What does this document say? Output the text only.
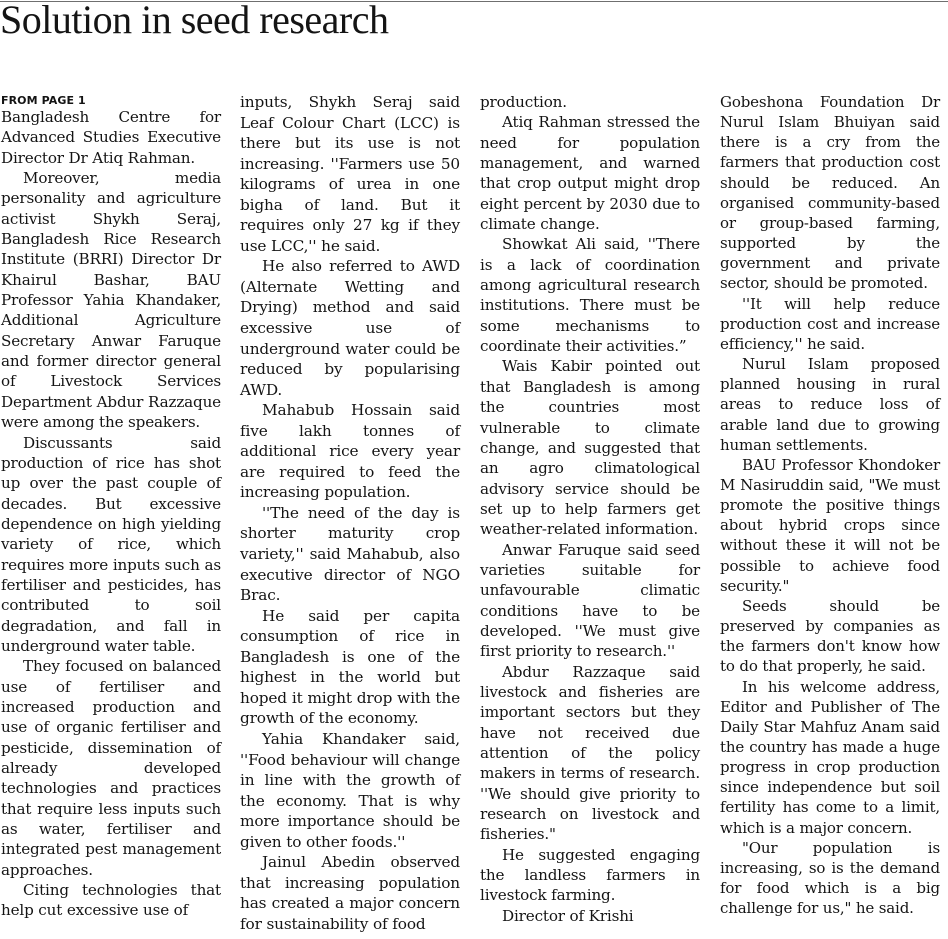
Solution in seed research
FROM PAGE 1

Bangladesh Centre for Advanced Studies Executive Director Dr Atiq Rahman.

Moreover, media personality and agriculture activist Shykh Seraj, Bangladesh Rice Research Institute (BRRI) Director Dr Khairul Bashar, BAU Professor Yahia Khandaker, Additional Agriculture Secretary Anwar Faruque and former director general of Livestock Services Department Abdur Razzaque were among the speakers.

Discussants said production of rice has shot up over the past couple of decades. But excessive dependence on high yielding variety of rice, which requires more inputs such as fertiliser and pesticides, has contributed to soil degradation, and fall in underground water table.

They focused on balanced use of fertiliser and increased production and use of organic fertiliser and pesticide, dissemination of already developed technologies and practices that require less inputs such as water, fertiliser and integrated pest management approaches.

Citing technologies that help cut excessive use of

inputs, Shykh Seraj said Leaf Colour Chart (LCC) is there but its use is not increasing. ''Farmers use 50 kilograms of urea in one bigha of land. But it requires only 27 kg if they use LCC,'' he said.

He also referred to AWD (Alternate Wetting and Drying) method and said excessive use of underground water could be reduced by popularising AWD.

Mahabub Hossain said five lakh tonnes of additional rice every year are required to feed the increasing population.

''The need of the day is shorter maturity crop variety,'' said Mahabub, also executive director of NGO Brac.

He said per capita consumption of rice in Bangladesh is one of the highest in the world but hoped it might drop with the growth of the economy.

Yahia Khandaker said, ''Food behaviour will change in line with the growth of the economy. That is why more importance should be given to other foods.''

Jainul Abedin observed that increasing population has created a major concern for sustainability of food

production.

Atiq Rahman stressed the need for population management, and warned that crop output might drop eight percent by 2030 due to climate change.

Showkat Ali said, ''There is a lack of coordination among agricultural research institutions. There must be some mechanisms to coordinate their activities.”

Wais Kabir pointed out that Bangladesh is among the countries most vulnerable to climate change, and suggested that an agro climatological advisory service should be set up to help farmers get weather-related information.

Anwar Faruque said seed varieties suitable for unfavourable climatic conditions have to be developed. ''We must give first priority to research.''

Abdur Razzaque said livestock and fisheries are important sectors but they have not received due attention of the policy makers in terms of research. ''We should give priority to research on livestock and fisheries."

He suggested engaging the landless farmers in livestock farming.

Director of Krishi

Gobeshona Foundation Dr Nurul Islam Bhuiyan said there is a cry from the farmers that production cost should be reduced. An organised community-based or group-based farming, supported by the government and private sector, should be promoted.

''It will help reduce production cost and increase efficiency,'' he said.

Nurul Islam proposed planned housing in rural areas to reduce loss of arable land due to growing human settlements.

BAU Professor Khondoker M Nasiruddin said, "We must promote the positive things about hybrid crops since without these it will not be possible to achieve food security."

Seeds should be preserved by companies as the farmers don't know how to do that properly, he said.

In his welcome address, Editor and Publisher of The Daily Star Mahfuz Anam said the country has made a huge progress in crop production since independence but soil fertility has come to a limit, which is a major concern.

"Our population is increasing, so is the demand for food which is a big challenge for us," he said.
